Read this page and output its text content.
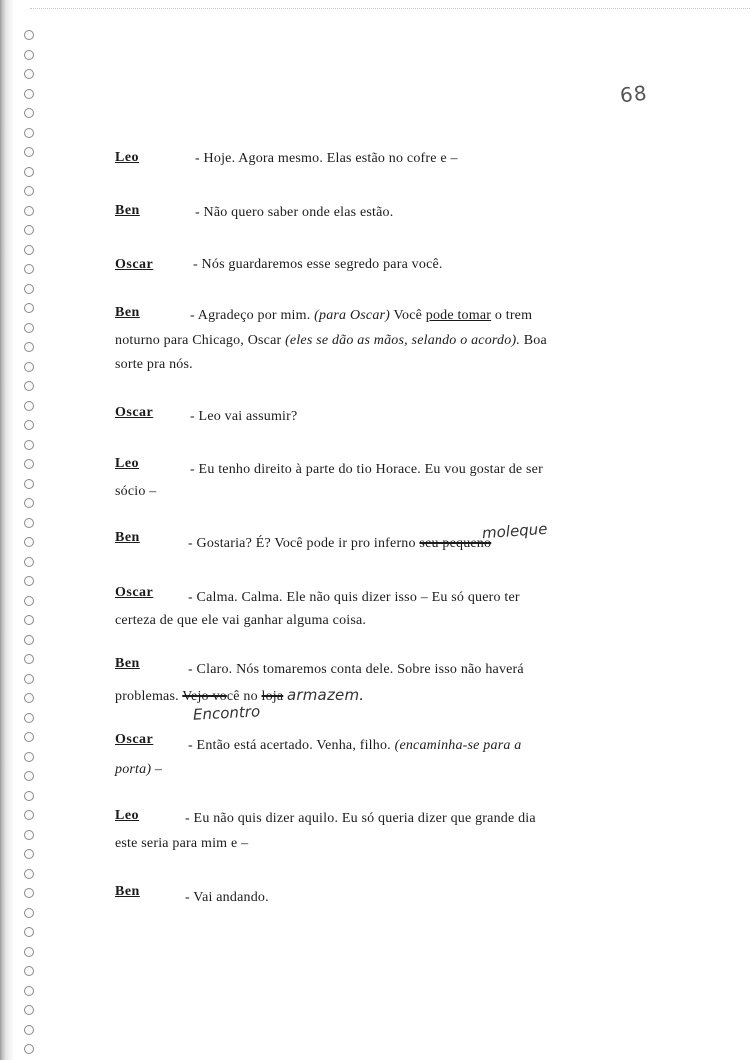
68
Leo	- Hoje. Agora mesmo. Elas estão no cofre e –
Ben	- Não quero saber onde elas estão.
Oscar	- Nós guardaremos esse segredo para você.
Ben	- Agradeço por mim. (para Oscar) Você pode tomar o trem
noturno para Chicago, Oscar (eles se dão as mãos, selando o acordo). Boa
sorte pra nós.
Oscar	- Leo vai assumir?
Leo	- Eu tenho direito à parte do tio Horace. Eu vou gostar de ser
sócio –
Ben	- Gostaria? É? Você pode ir pro inferno seu pequeno
moleque
Oscar - Calma. Calma. Ele não quis dizer isso – Eu só quero ter
certeza de que ele vai ganhar alguma coisa.
Ben	- Claro. Nós tomaremos conta dele. Sobre isso não haverá
problemas. Vejo você no loja armazem.
Encontro
Oscar - Então está acertado. Venha, filho. (encaminha-se para a
porta) –
Leo	- Eu não quis dizer aquilo. Eu só queria dizer que grande dia
este seria para mim e –
Ben	- Vai andando.
